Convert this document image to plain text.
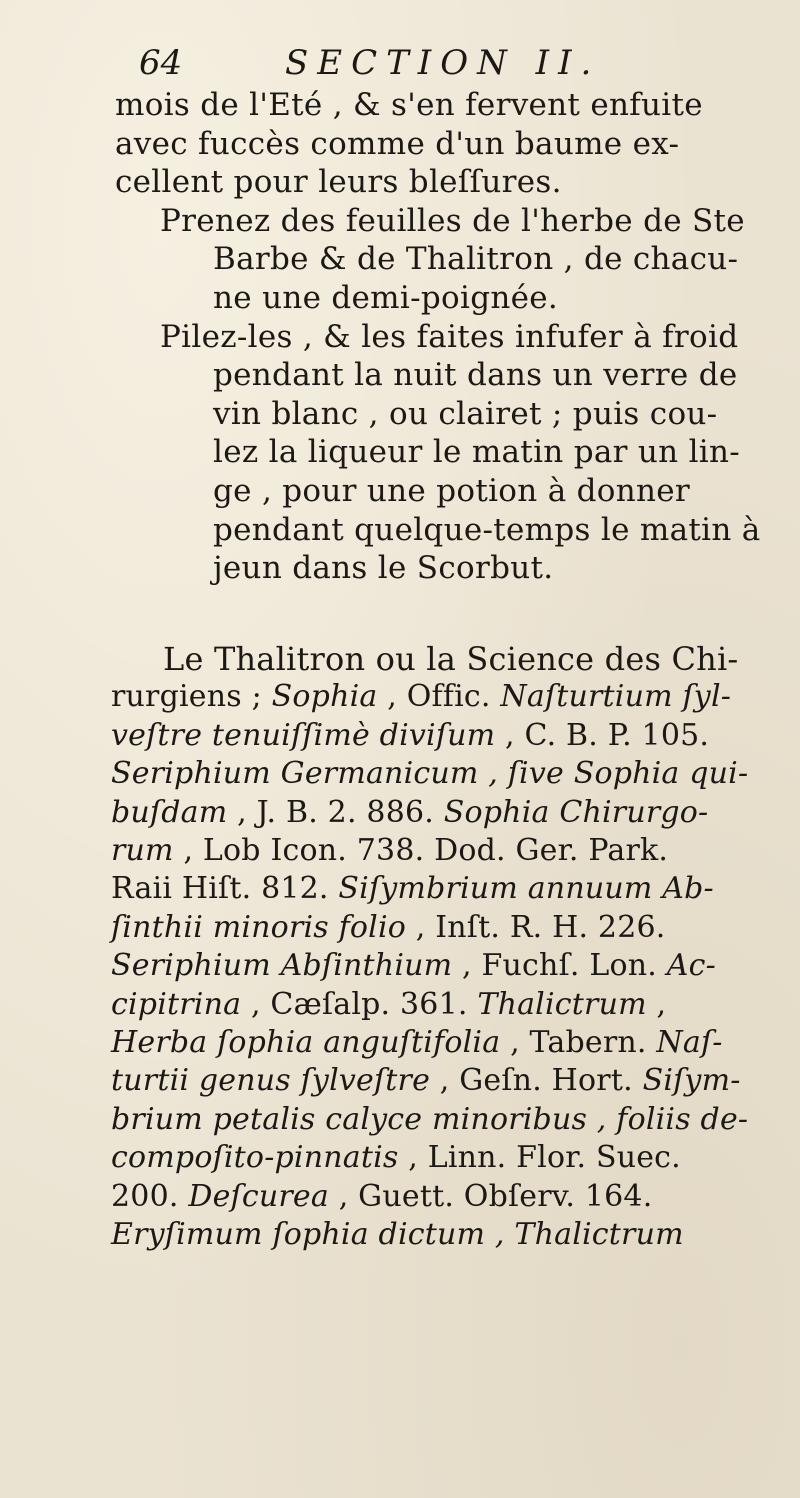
64	SECTION II.
mois de l'Eté , & s'en fervent enfuite
avec fuccès comme d'un baume ex-
cellent pour leurs bleſſures.
Prenez des feuilles de l'herbe de Ste
Barbe & de Thalitron , de chacu-
ne une demi-poignée.
Pilez-les , & les faites infufer à froid
pendant la nuit dans un verre de
vin blanc , ou clairet ; puis cou-
lez la liqueur le matin par un lin-
ge , pour une potion à donner
pendant quelque-temps le matin à
jeun dans le Scorbut.
Le Thalitron ou la Science des Chi-
rurgiens ; Sophia , Offic. Naſturtium ſyl-
veſtre tenuiſſimè diviſum , C. B. P. 105.
Seriphium Germanicum , ſive Sophia qui-
buſdam , J. B. 2. 886. Sophia Chirurgo-
rum , Lob Icon. 738. Dod. Ger. Park.
Raii Hiſt. 812. Siſymbrium annuum Ab-
ſinthii minoris folio , Inſt. R. H. 226.
Seriphium Abſinthium , Fuchſ. Lon. Ac-
cipitrina , Cæſalp. 361. Thalictrum ,
Herba ſophia anguſtifolia , Tabern. Naſ-
turtii genus ſylveſtre , Geſn. Hort. Siſym-
brium petalis calyce minoribus , foliis de-
compoſito-pinnatis , Linn. Flor. Suec.
200. Deſcurea , Guett. Obſerv. 164.
Eryſimum ſophia dictum , Thalictrum
